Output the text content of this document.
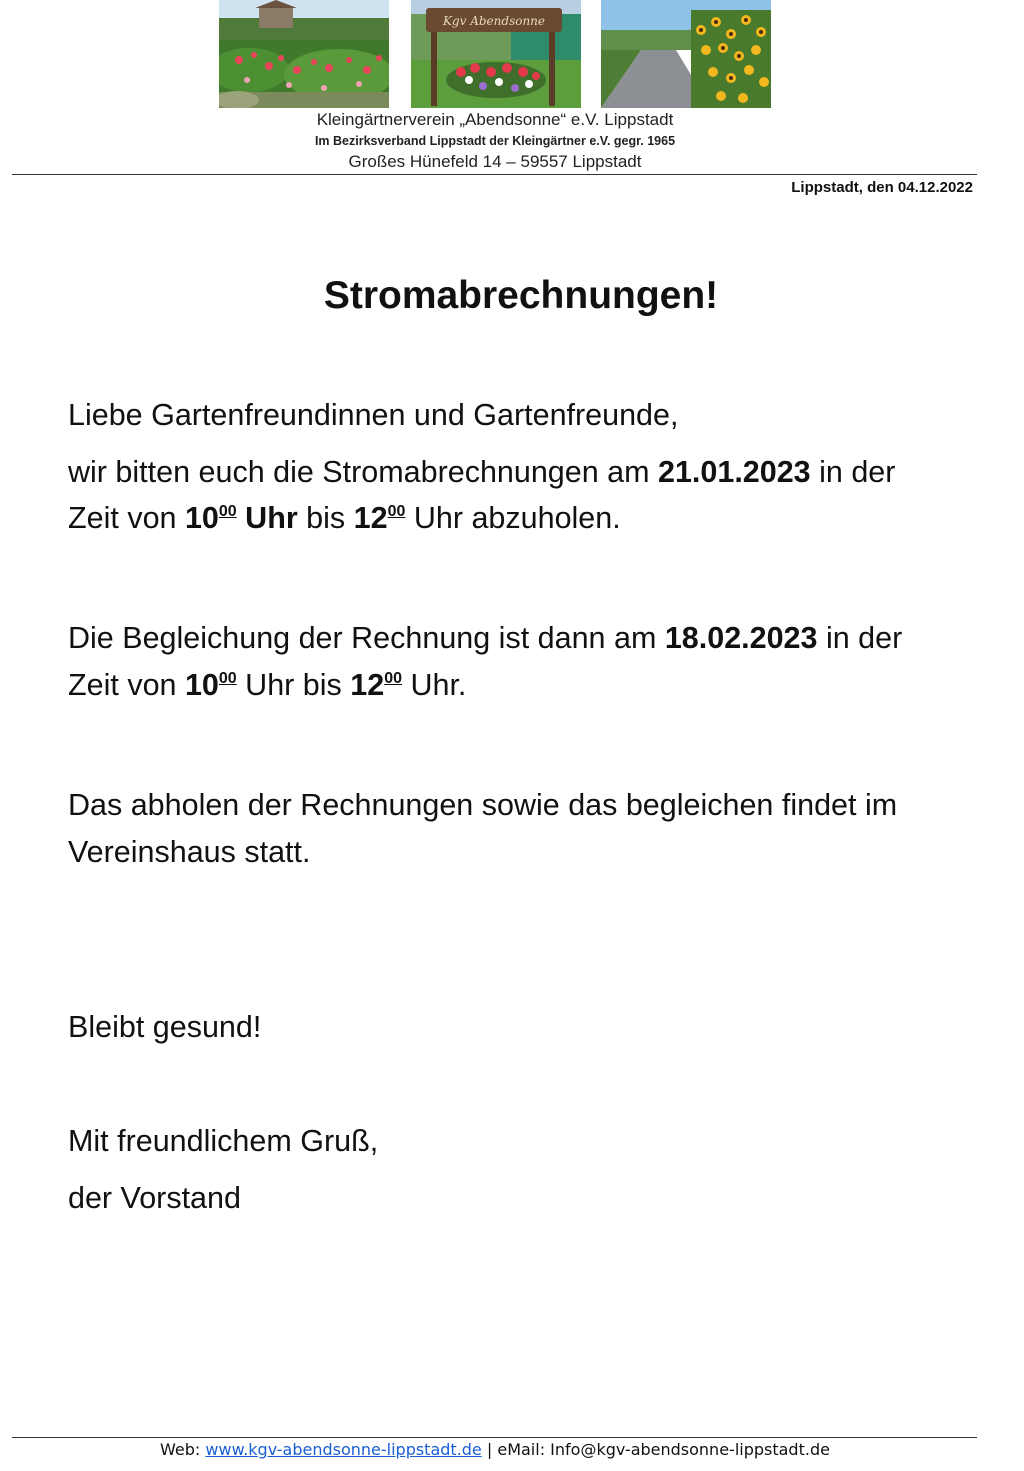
Kgv Abendsonne
Kleingärtnerverein „Abendsonne“ e.V. Lippstadt
Im Bezirksverband Lippstadt der Kleingärtner e.V. gegr. 1965
Großes Hünefeld 14 – 59557 Lippstadt
Lippstadt, den 04.12.2022
Stromabrechnungen!
Liebe Gartenfreundinnen und Gartenfreunde,
wir bitten euch die Stromabrechnungen am 21.01.2023 in der
Zeit von $10^{00}$ Uhr bis $12^{00}$ Uhr abzuholen.
Die Begleichung der Rechnung ist dann am 18.02.2023 in der
Zeit von $10^{00}$ Uhr bis $12^{00}$ Uhr.
Das abholen der Rechnungen sowie das begleichen findet im
Vereinshaus statt.
Bleibt gesund!
Mit freundlichem Gruß,
der Vorstand
Web: www.kgv-abendsonne-lippstadt.de | eMail: Info@kgv-abendsonne-lippstadt.de
